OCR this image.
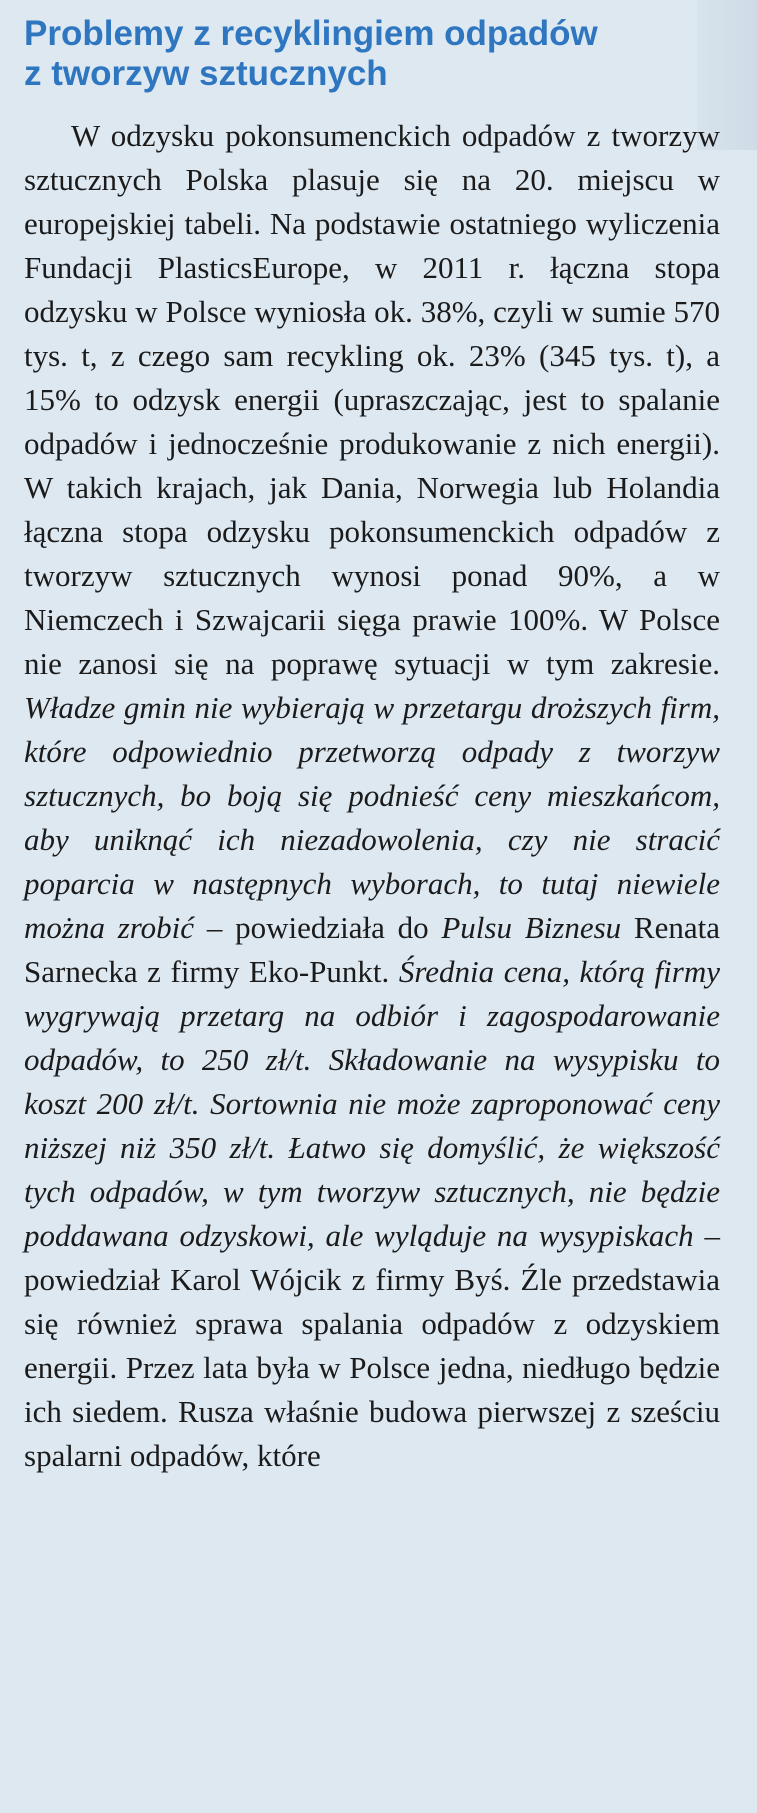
Problemy z recyklingiem odpadów
z tworzyw sztucznych

W odzysku pokonsumenckich odpadów z tworzyw sztucznych Polska plasuje się na 20. miejscu w europejskiej tabeli. Na podstawie ostatniego wyliczenia Fundacji PlasticsEurope, w 2011 r. łączna stopa odzysku w Polsce wyniosła ok. 38%, czyli w sumie 570 tys. t, z czego sam recykling ok. 23% (345 tys. t), a 15% to odzysk energii (upraszczając, jest to spalanie odpadów i jednocześnie produkowanie z nich energii). W takich krajach, jak Dania, Norwegia lub Holandia łączna stopa odzysku pokonsumenckich odpadów z tworzyw sztucznych wynosi ponad 90%, a w Niemczech i Szwajcarii sięga prawie 100%. W Polsce nie zanosi się na poprawę sytuacji w tym zakresie. Władze gmin nie wybierają w przetargu droższych firm, które odpowiednio przetworzą odpady z tworzyw sztucznych, bo boją się podnieść ceny mieszkańcom, aby uniknąć ich niezadowolenia, czy nie stracić poparcia w następnych wyborach, to tutaj niewiele można zrobić – powiedziała do Pulsu Biznesu Renata Sarnecka z firmy Eko-Punkt. Średnia cena, którą firmy wygrywają przetarg na odbiór i zagospodarowanie odpadów, to 250 zł/t. Składowanie na wysypisku to koszt 200 zł/t. Sortownia nie może zaproponować ceny niższej niż 350 zł/t. Łatwo się domyślić, że większość tych odpadów, w tym tworzyw sztucznych, nie będzie poddawana odzyskowi, ale wyląduje na wysypiskach – powiedział Karol Wójcik z firmy Byś. Źle przedstawia się również sprawa spalania odpadów z odzyskiem energii. Przez lata była w Polsce jedna, niedługo będzie ich siedem. Rusza właśnie budowa pierwszej z sześciu spalarni odpadów, które
